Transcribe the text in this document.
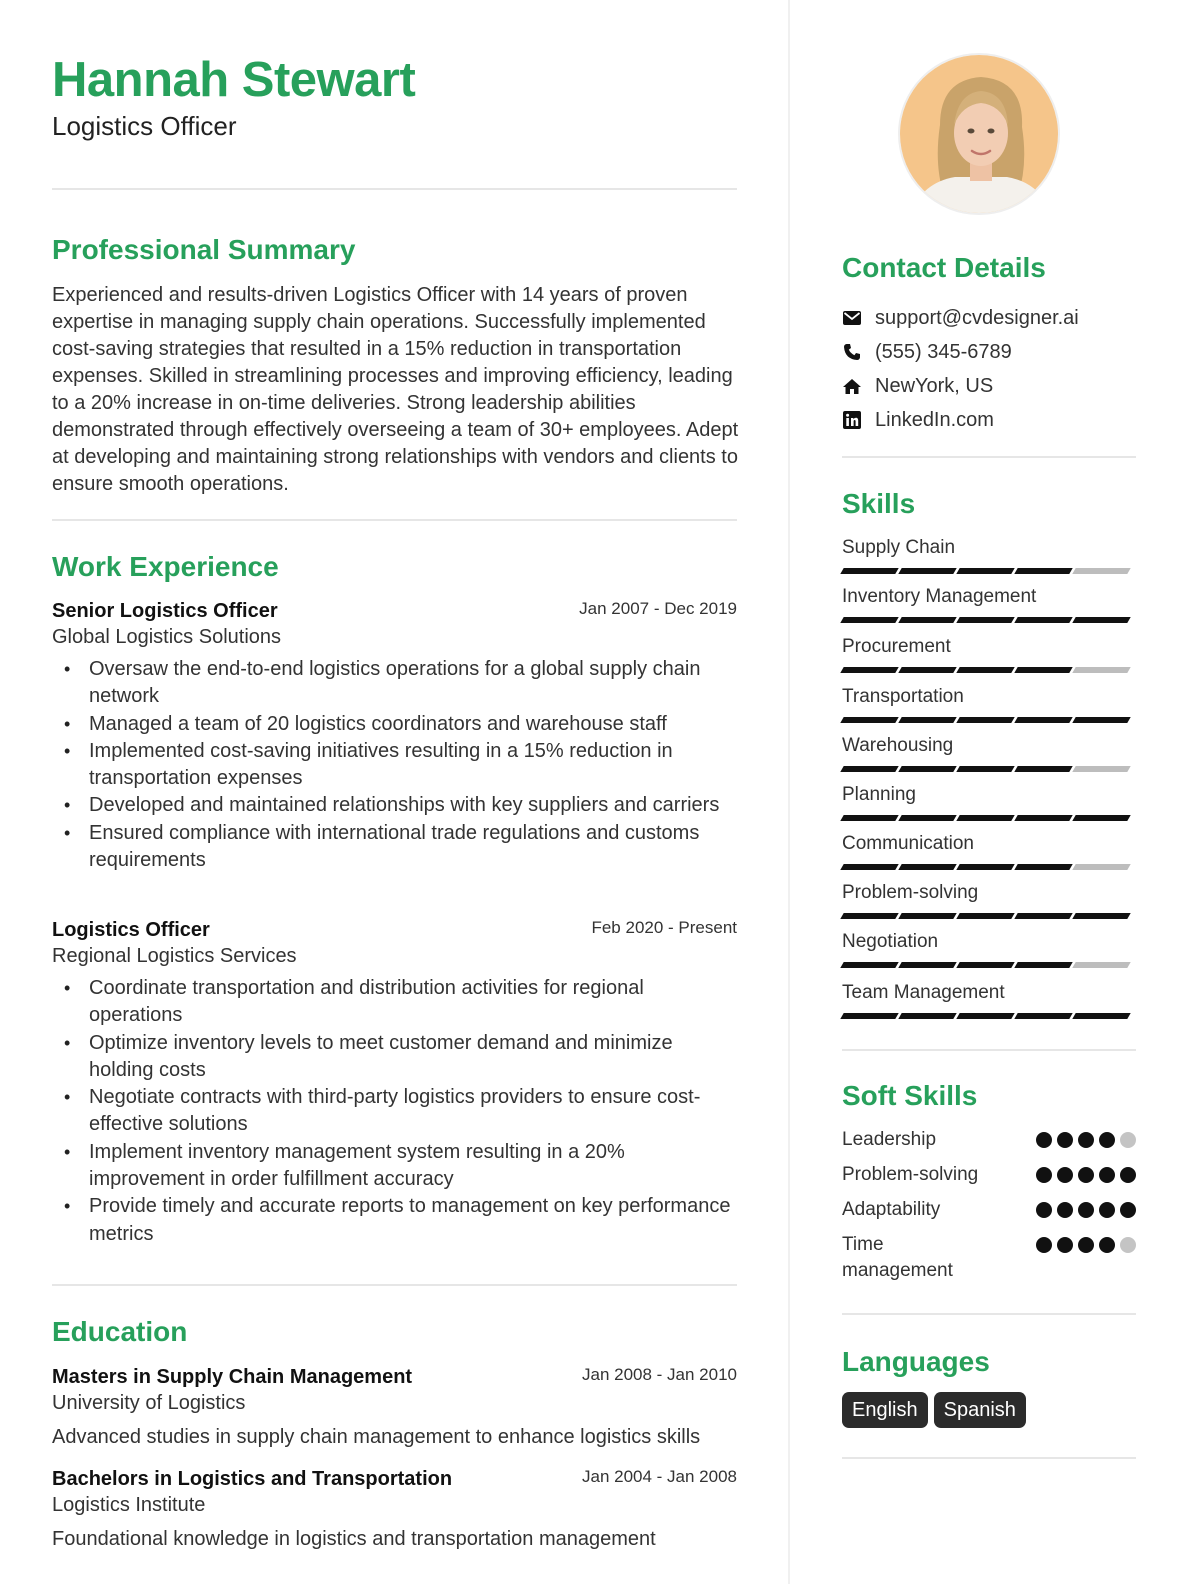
Hannah Stewart
Logistics Officer
Professional Summary
Experienced and results-driven Logistics Officer with 14 years of proven expertise in managing supply chain operations. Successfully implemented cost-saving strategies that resulted in a 15% reduction in transportation expenses. Skilled in streamlining processes and improving efficiency, leading to a 20% increase in on-time deliveries. Strong leadership abilities demonstrated through effectively overseeing a team of 30+ employees. Adept at developing and maintaining strong relationships with vendors and clients to ensure smooth operations.
Work Experience
Senior Logistics Officer
Global Logistics Solutions
Jan 2007 - Dec 2019
• Oversaw the end-to-end logistics operations for a global supply chain network
• Managed a team of 20 logistics coordinators and warehouse staff
• Implemented cost-saving initiatives resulting in a 15% reduction in transportation expenses
• Developed and maintained relationships with key suppliers and carriers
• Ensured compliance with international trade regulations and customs requirements
Logistics Officer
Regional Logistics Services
Feb 2020 - Present
• Coordinate transportation and distribution activities for regional operations
• Optimize inventory levels to meet customer demand and minimize holding costs
• Negotiate contracts with third-party logistics providers to ensure cost-effective solutions
• Implement inventory management system resulting in a 20% improvement in order fulfillment accuracy
• Provide timely and accurate reports to management on key performance metrics
Education
Masters in Supply Chain Management
University of Logistics
Jan 2008 - Jan 2010
Advanced studies in supply chain management to enhance logistics skills
Bachelors in Logistics and Transportation
Logistics Institute
Jan 2004 - Jan 2008
Foundational knowledge in logistics and transportation management
Contact Details
support@cvdesigner.ai
(555) 345-6789
NewYork, US
LinkedIn.com
Skills
Supply Chain
Inventory Management
Procurement
Transportation
Warehousing
Planning
Communication
Problem-solving
Negotiation
Team Management
Soft Skills
Leadership
Problem-solving
Adaptability
Time management
Languages
English	Spanish
